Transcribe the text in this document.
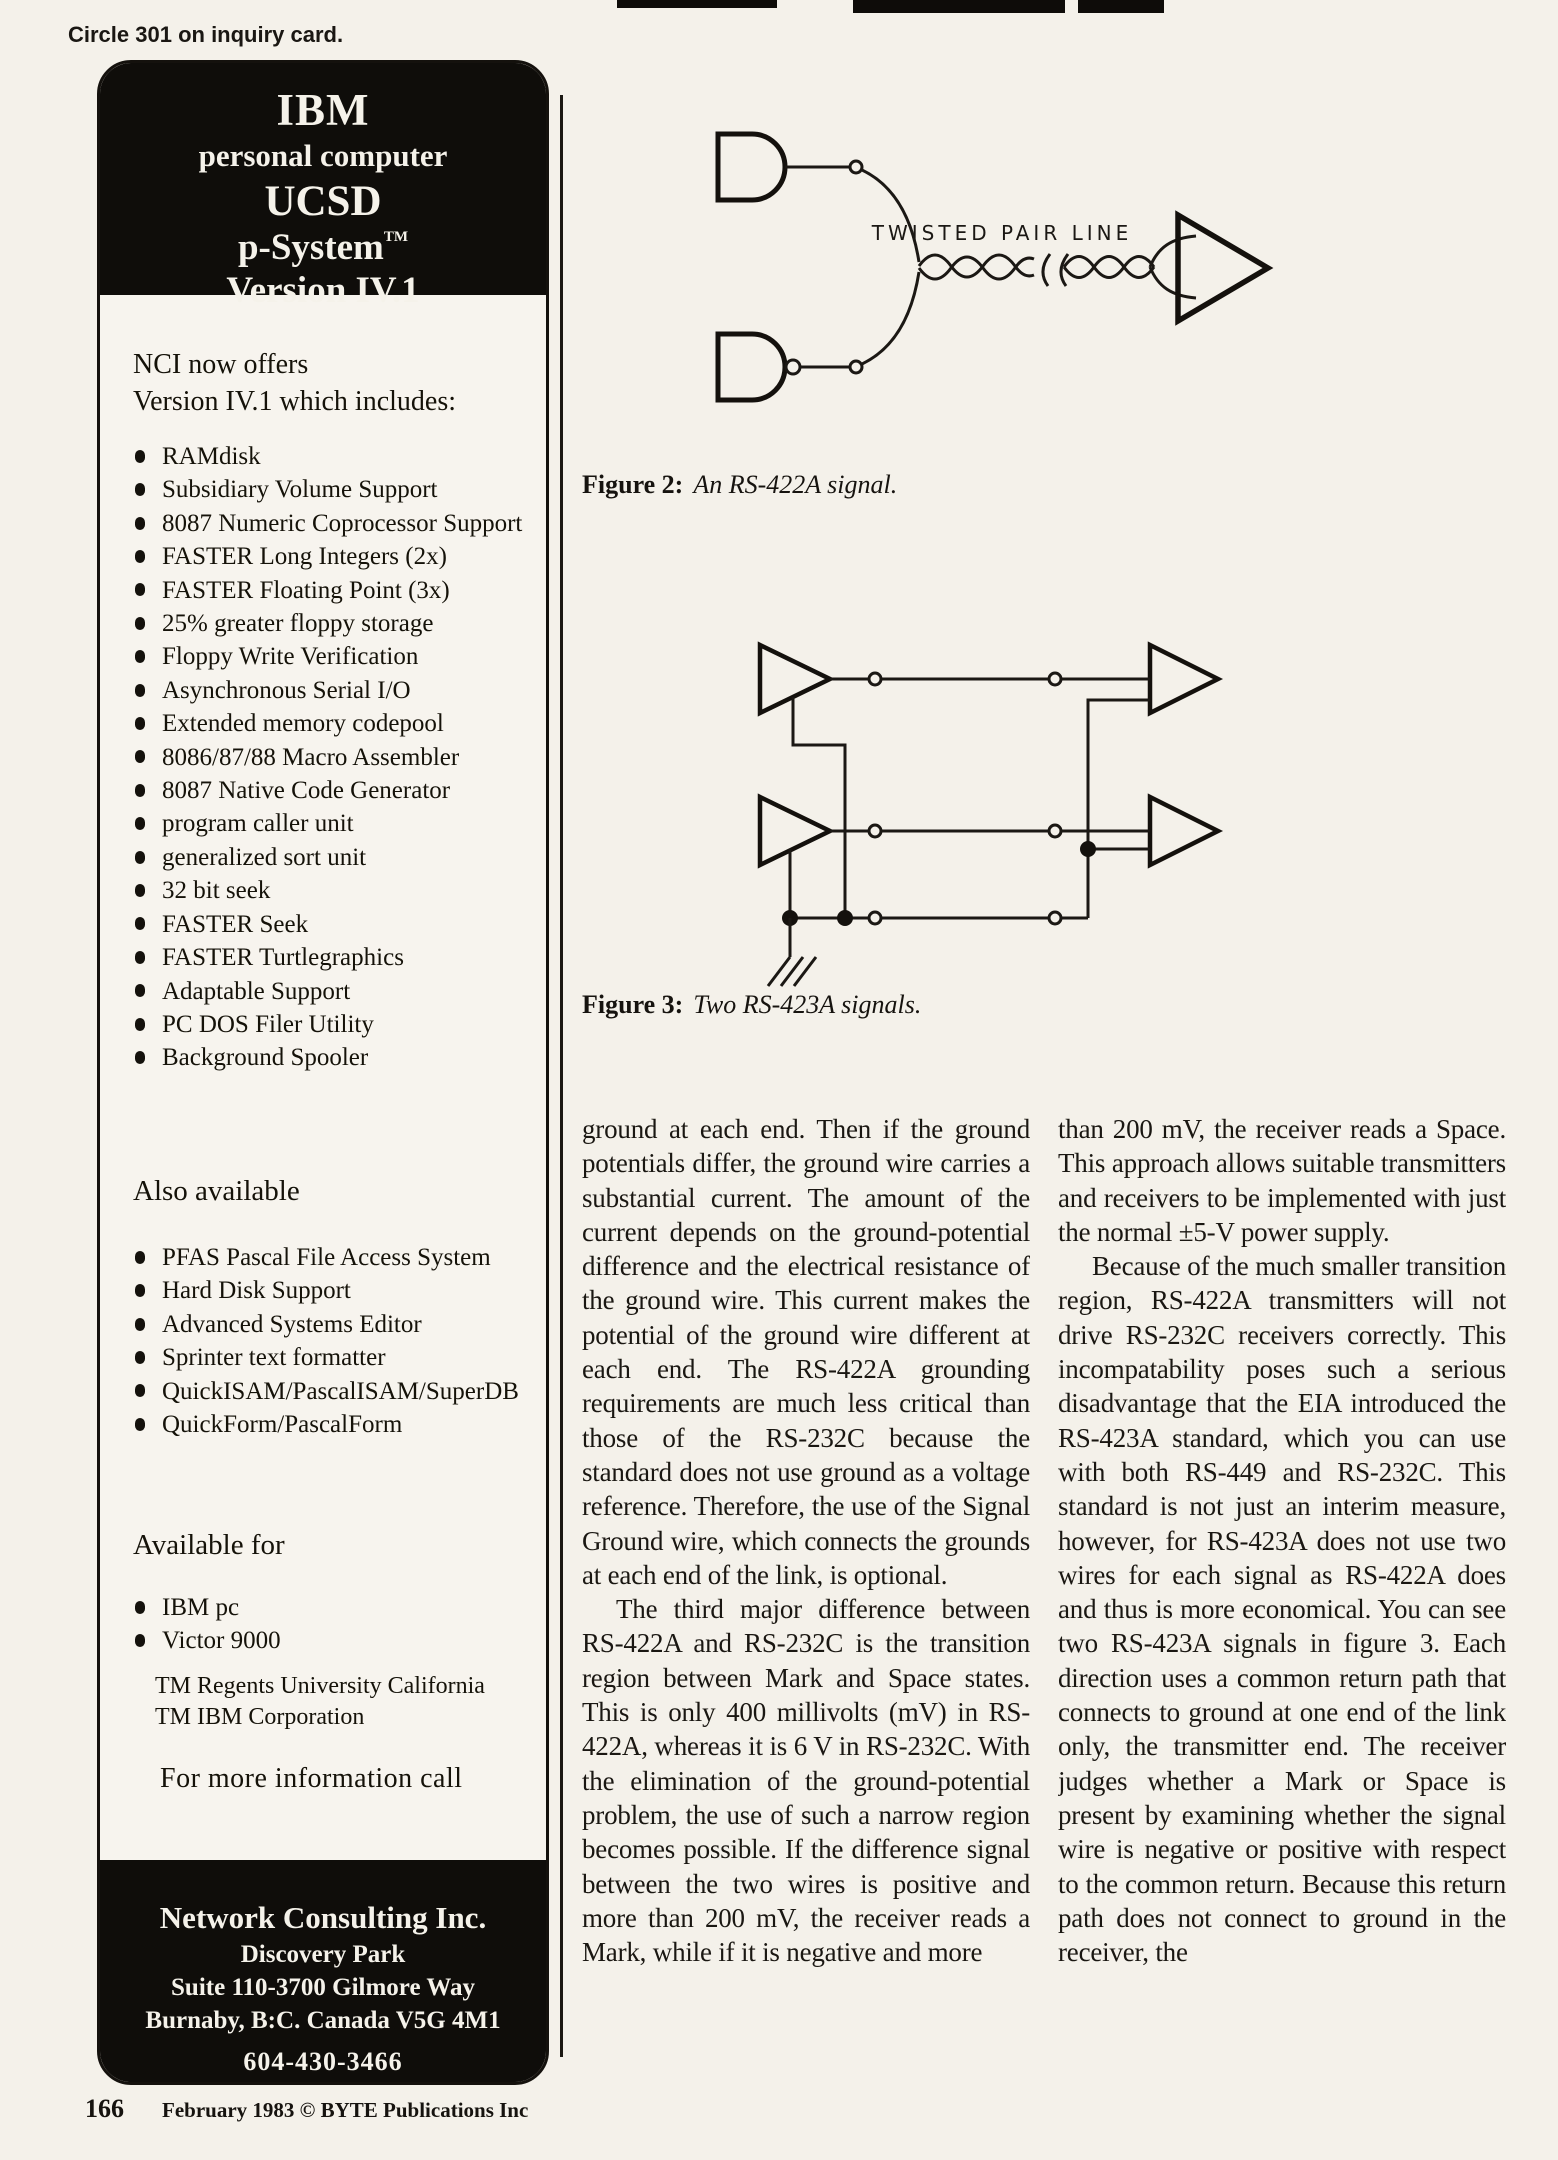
Circle 301 on inquiry card.
IBM
personal computer
UCSD
p-System™
Version IV.1
NCI now offers
Version IV.1 which includes:
RAMdisk
Subsidiary Volume Support
8087 Numeric Coprocessor Support
FASTER Long Integers (2x)
FASTER Floating Point (3x)
25% greater floppy storage
Floppy Write Verification
Asynchronous Serial I/O
Extended memory codepool
8086/87/88 Macro Assembler
8087 Native Code Generator
program caller unit
generalized sort unit
32 bit seek
FASTER Seek
FASTER Turtlegraphics
Adaptable Support
PC DOS Filer Utility
Background Spooler
Also available
PFAS Pascal File Access System
Hard Disk Support
Advanced Systems Editor
Sprinter text formatter
QuickISAM/PascalISAM/SuperDB
QuickForm/PascalForm
Available for
IBM pc
Victor 9000
TM Regents University California
TM IBM Corporation
For more information call
Network Consulting Inc.
Discovery Park
Suite 110-3700 Gilmore Way
Burnaby, B:C. Canada V5G 4M1
604-430-3466
TWISTED PAIR LINE
Figure 2: An RS-422A signal.
Figure 3: Two RS-423A signals.

ground at each end. Then if the ground potentials differ, the ground wire carries a substantial current. The amount of the current depends on the ground-potential difference and the electrical resistance of the ground wire. This current makes the potential of the ground wire different at each end. The RS-422A grounding requirements are much less critical than those of the RS-232C because the standard does not use ground as a voltage reference. Therefore, the use of the Signal Ground wire, which connects the grounds at each end of the link, is optional.

The third major difference between RS-422A and RS-232C is the transition region between Mark and Space states. This is only 400 millivolts (mV) in RS-422A, whereas it is 6 V in RS-232C. With the elimination of the ground-potential problem, the use of such a narrow region becomes possible. If the difference signal between the two wires is positive and more than 200 mV, the receiver reads a Mark, while if it is negative and more

than 200 mV, the receiver reads a Space. This approach allows suitable transmitters and receivers to be implemented with just the normal ±5-V power supply.

Because of the much smaller transition region, RS-422A transmitters will not drive RS-232C receivers correctly. This incompatability poses such a serious disadvantage that the EIA introduced the RS-423A standard, which you can use with both RS-449 and RS-232C. This standard is not just an interim measure, however, for RS-423A does not use two wires for each signal as RS-422A does and thus is more economical. You can see two RS-423A signals in figure 3. Each direction uses a common return path that connects to ground at one end of the link only, the transmitter end. The receiver judges whether a Mark or Space is present by examining whether the signal wire is negative or positive with respect to the common return. Because this return path does not connect to ground in the receiver, the

166 February 1983 © BYTE Publications Inc
